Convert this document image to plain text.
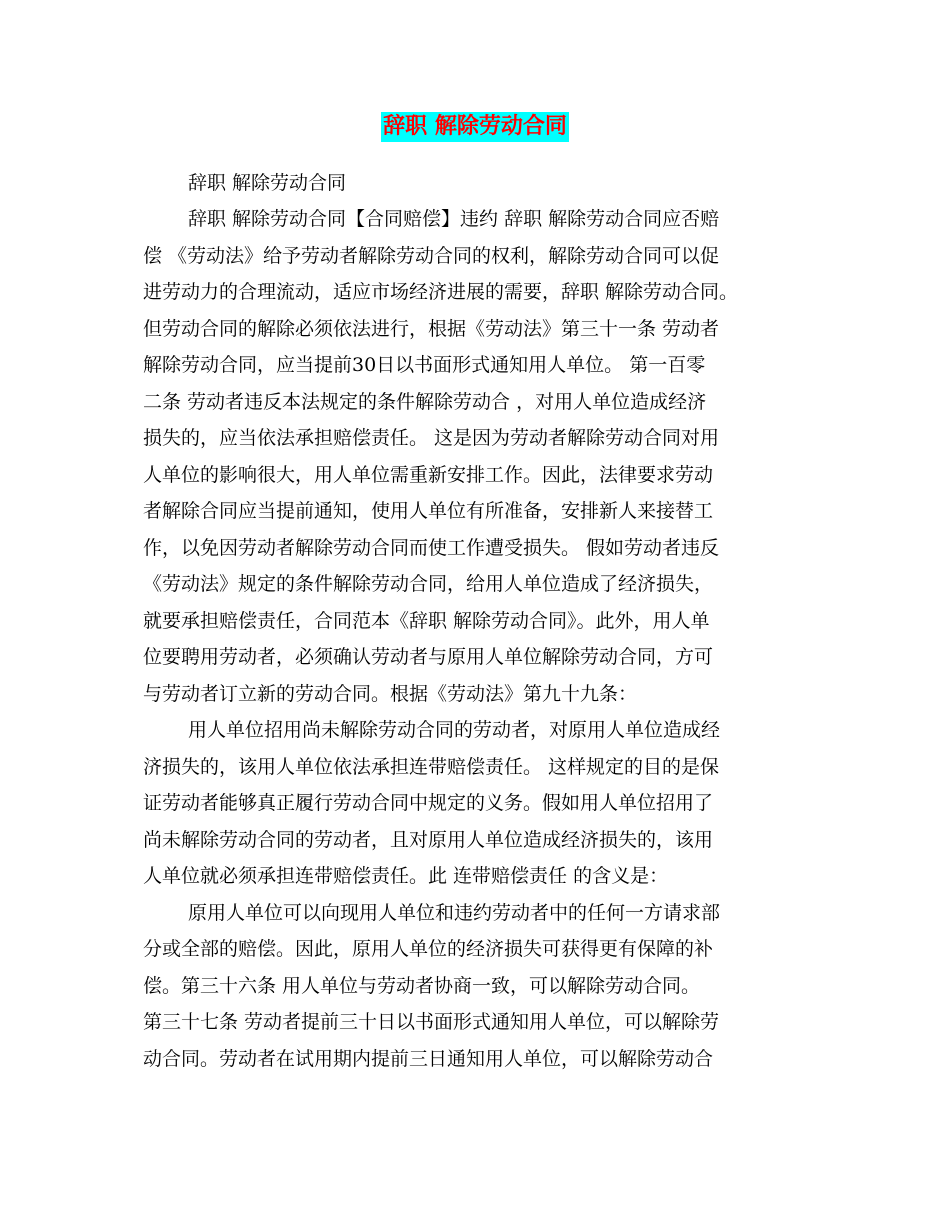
辞职 解除劳动合同
辞职 解除劳动合同
辞职 解除劳动合同【合同赔偿】违约 辞职 解除劳动合同应否赔
偿 《劳动法》给予劳动者解除劳动合同的权利，解除劳动合同可以促
进劳动力的合理流动，适应市场经济进展的需要，辞职 解除劳动合同。
但劳动合同的解除必须依法进行，根据《劳动法》第三十一条 劳动者
解除劳动合同，应当提前30日以书面形式通知用人单位。 第一百零
二条 劳动者违反本法规定的条件解除劳动合 ，对用人单位造成经济
损失的，应当依法承担赔偿责任。 这是因为劳动者解除劳动合同对用
人单位的影响很大，用人单位需重新安排工作。因此，法律要求劳动
者解除合同应当提前通知，使用人单位有所准备，安排新人来接替工
作，以免因劳动者解除劳动合同而使工作遭受损失。 假如劳动者违反
《劳动法》规定的条件解除劳动合同，给用人单位造成了经济损失，
就要承担赔偿责任，合同范本《辞职 解除劳动合同》。此外，用人单
位要聘用劳动者，必须确认劳动者与原用人单位解除劳动合同，方可
与劳动者订立新的劳动合同。根据《劳动法》第九十九条：
用人单位招用尚未解除劳动合同的劳动者，对原用人单位造成经
济损失的，该用人单位依法承担连带赔偿责任。 这样规定的目的是保
证劳动者能够真正履行劳动合同中规定的义务。假如用人单位招用了
尚未解除劳动合同的劳动者，且对原用人单位造成经济损失的，该用
人单位就必须承担连带赔偿责任。此 连带赔偿责任 的含义是：
原用人单位可以向现用人单位和违约劳动者中的任何一方请求部
分或全部的赔偿。因此，原用人单位的经济损失可获得更有保障的补
偿。第三十六条 用人单位与劳动者协商一致，可以解除劳动合同。
第三十七条 劳动者提前三十日以书面形式通知用人单位，可以解除劳
动合同。劳动者在试用期内提前三日通知用人单位，可以解除劳动合
